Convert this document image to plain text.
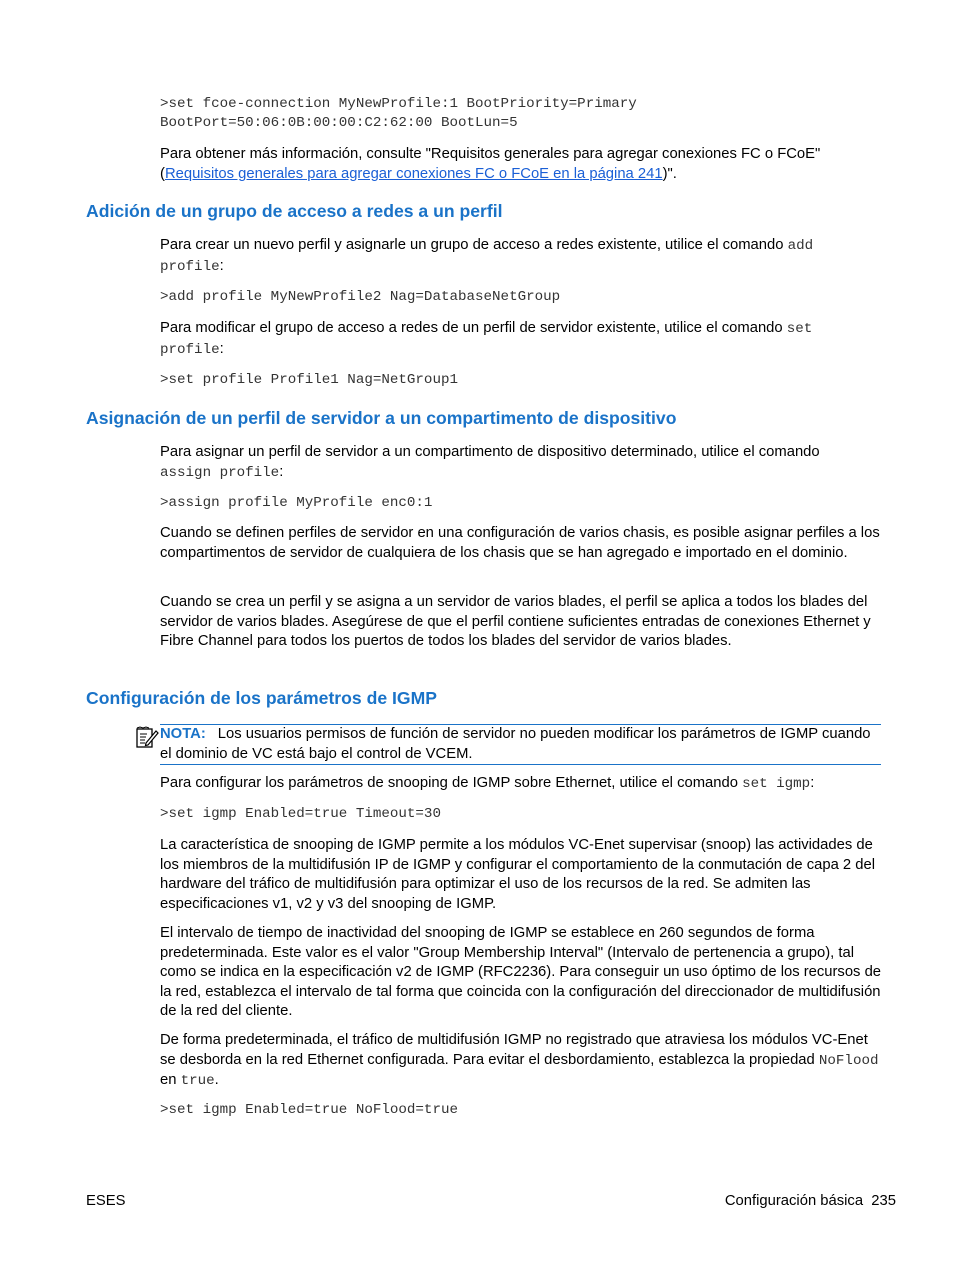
>set fcoe-connection MyNewProfile:1 BootPriority=Primary
BootPort=50:06:0B:00:00:C2:62:00 BootLun=5

Para obtener más información, consulte "Requisitos generales para agregar conexiones FC o FCoE" (Requisitos generales para agregar conexiones FC o FCoE en la página 241)".

Adición de un grupo de acceso a redes a un perfil

Para crear un nuevo perfil y asignarle un grupo de acceso a redes existente, utilice el comando add
profile:

>add profile MyNewProfile2 Nag=DatabaseNetGroup

Para modificar el grupo de acceso a redes de un perfil de servidor existente, utilice el comando set
profile:

>set profile Profile1 Nag=NetGroup1
Asignación de un perfil de servidor a un compartimento de dispositivo

Para asignar un perfil de servidor a un compartimento de dispositivo determinado, utilice el comando
assign profile:

>assign profile MyProfile enc0:1

Cuando se definen perfiles de servidor en una configuración de varios chasis, es posible asignar perfiles a los compartimentos de servidor de cualquiera de los chasis que se han agregado e importado en el dominio.

Cuando se crea un perfil y se asigna a un servidor de varios blades, el perfil se aplica a todos los blades del servidor de varios blades. Asegúrese de que el perfil contiene suficientes entradas de conexiones Ethernet y Fibre Channel para todos los puertos de todos los blades del servidor de varios blades.

Configuración de los parámetros de IGMP

NOTA: Los usuarios permisos de función de servidor no pueden modificar los parámetros de IGMP cuando el dominio de VC está bajo el control de VCEM.

Para configurar los parámetros de snooping de IGMP sobre Ethernet, utilice el comando set igmp:

>set igmp Enabled=true Timeout=30

La característica de snooping de IGMP permite a los módulos VC-Enet supervisar (snoop) las actividades de los miembros de la multidifusión IP de IGMP y configurar el comportamiento de la conmutación de capa 2 del hardware del tráfico de multidifusión para optimizar el uso de los recursos de la red. Se admiten las especificaciones v1, v2 y v3 del snooping de IGMP.

El intervalo de tiempo de inactividad del snooping de IGMP se establece en 260 segundos de forma predeterminada. Este valor es el valor "Group Membership Interval" (Intervalo de pertenencia a grupo), tal como se indica en la especificación v2 de IGMP (RFC2236). Para conseguir un uso óptimo de los recursos de la red, establezca el intervalo de tal forma que coincida con la configuración del direccionador de multidifusión de la red del cliente.

De forma predeterminada, el tráfico de multidifusión IGMP no registrado que atraviesa los módulos VC-Enet se desborda en la red Ethernet configurada. Para evitar el desbordamiento, establezca la propiedad NoFlood en true.

>set igmp Enabled=true NoFlood=true
ESES	Configuración básica 235
